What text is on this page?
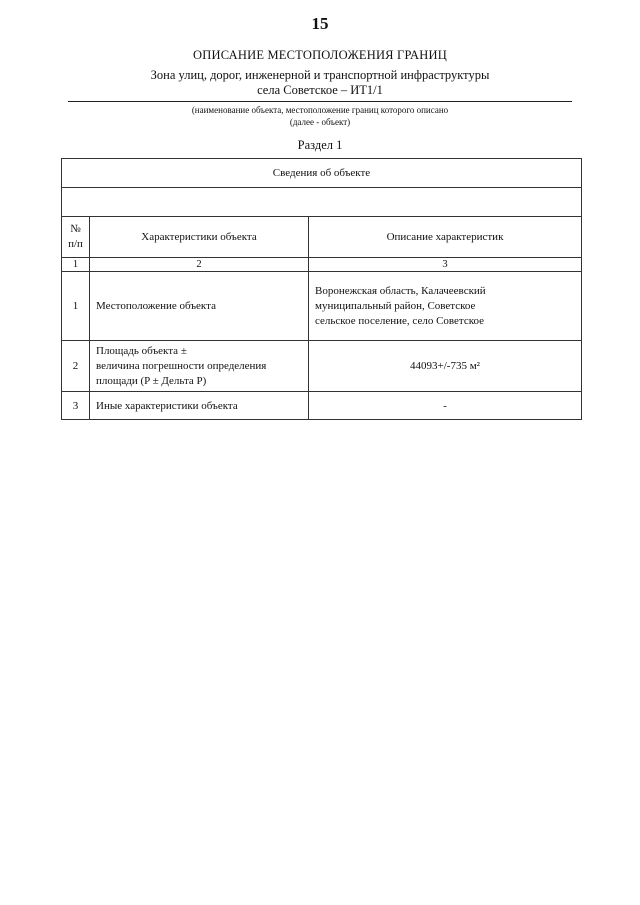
15
ОПИСАНИЕ МЕСТОПОЛОЖЕНИЯ ГРАНИЦ
Зона улиц, дорог, инженерной и транспортной инфраструктуры
села Советское – ИТ1/1
(наименование объекта, местоположение границ которого описано
(далее - объект)
Раздел 1
Сведения об объекте		

№
п/п	Характеристики объекта	Описание характеристик
1	2	3
1	Местоположение объекта	Воронежская область, Калачеевский
муниципальный район, Советское
сельское поселение, село Советское

2	Площадь объекта ±
величина погрешности определения
площади (P ± Дельта P)	44093+/-735 м²
3	Иные характеристики объекта	-
